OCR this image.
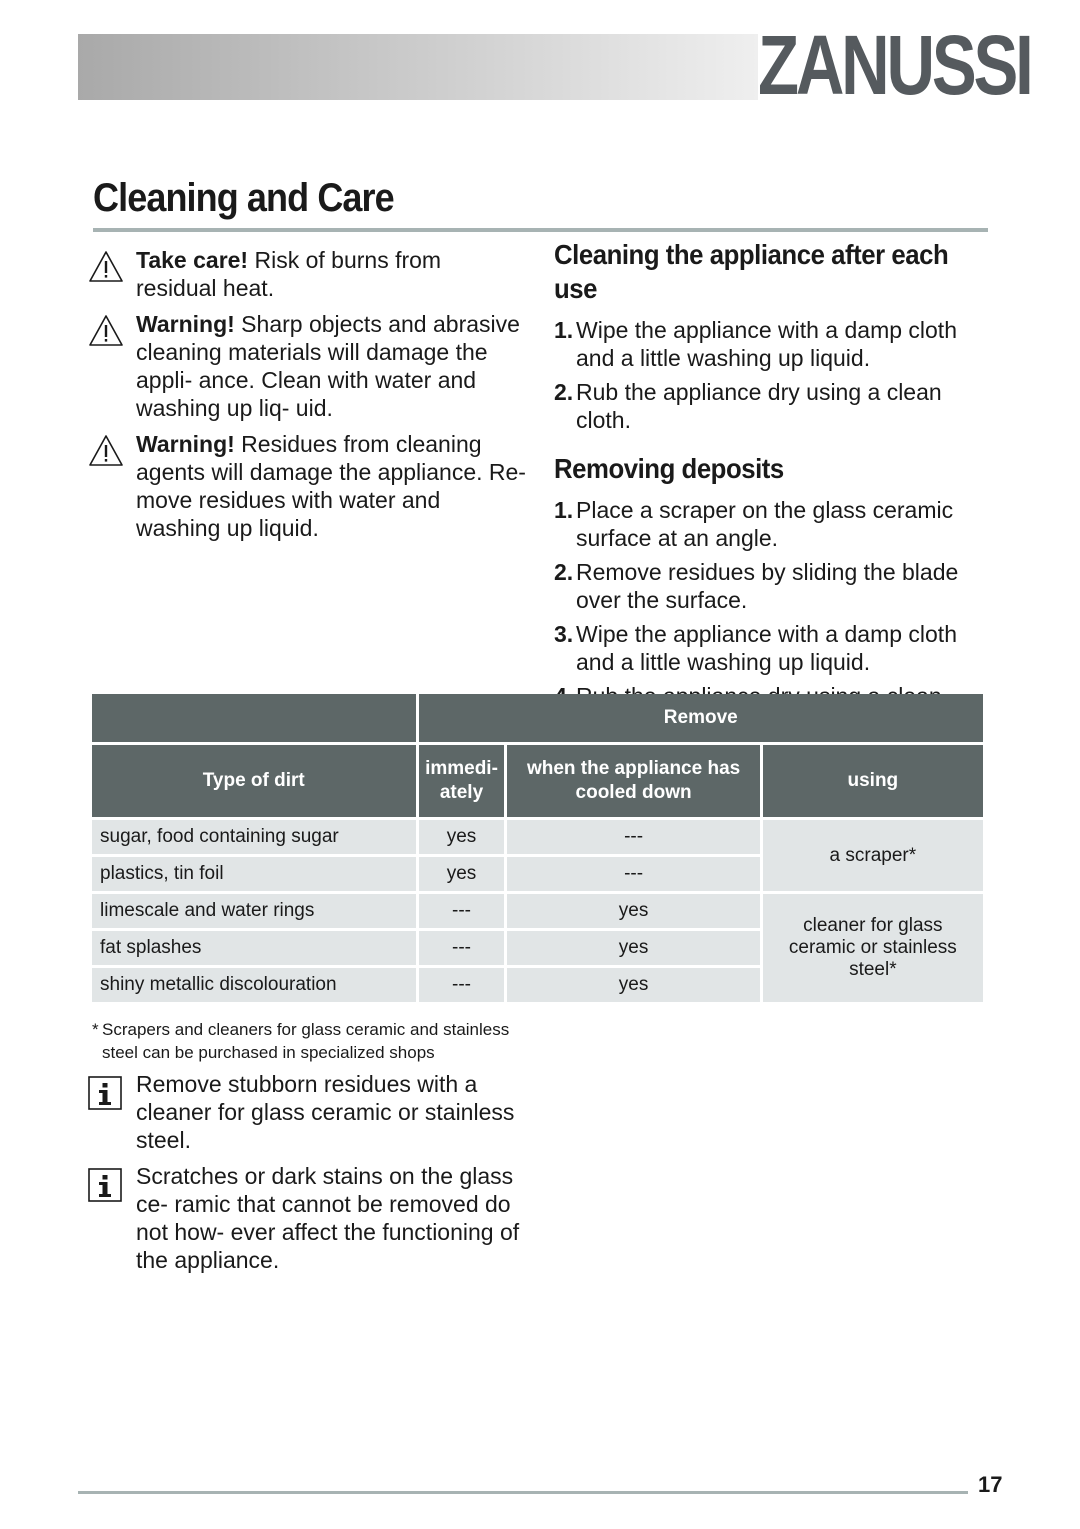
ZANUSSI
Cleaning and Care
Take care! Risk of burns from residual heat.
Warning! Sharp objects and abrasive cleaning materials will damage the appli- ance. Clean with water and washing up liq- uid.
Warning! Residues from cleaning agents will damage the appliance. Re- move residues with water and washing up liquid.
Cleaning the appliance after each use
1. Wipe the appliance with a damp cloth and a little washing up liquid.
2. Rub the appliance dry using a clean cloth.
Removing deposits
1. Place a scraper on the glass ceramic surface at an angle.
2. Remove residues by sliding the blade over the surface.
3. Wipe the appliance with a damp cloth and a little washing up liquid.
	Remove		
Type of dirt	immedi- ately	when the appliance has cooled down	using
sugar, food containing sugar	yes	---	a scraper*
plastics, tin foil	yes	---	
limescale and water rings	---	yes	cleaner for glass ceramic or stainless steel*
fat splashes	---	yes	
shiny metallic discolouration	---	yes	
* Scrapers and cleaners for glass ceramic and stainless steel can be purchased in specialized shops
Remove stubborn residues with a cleaner for glass ceramic or stainless steel.
Scratches or dark stains on the glass ce- ramic that cannot be removed do not how- ever affect the functioning of the appliance.
17
